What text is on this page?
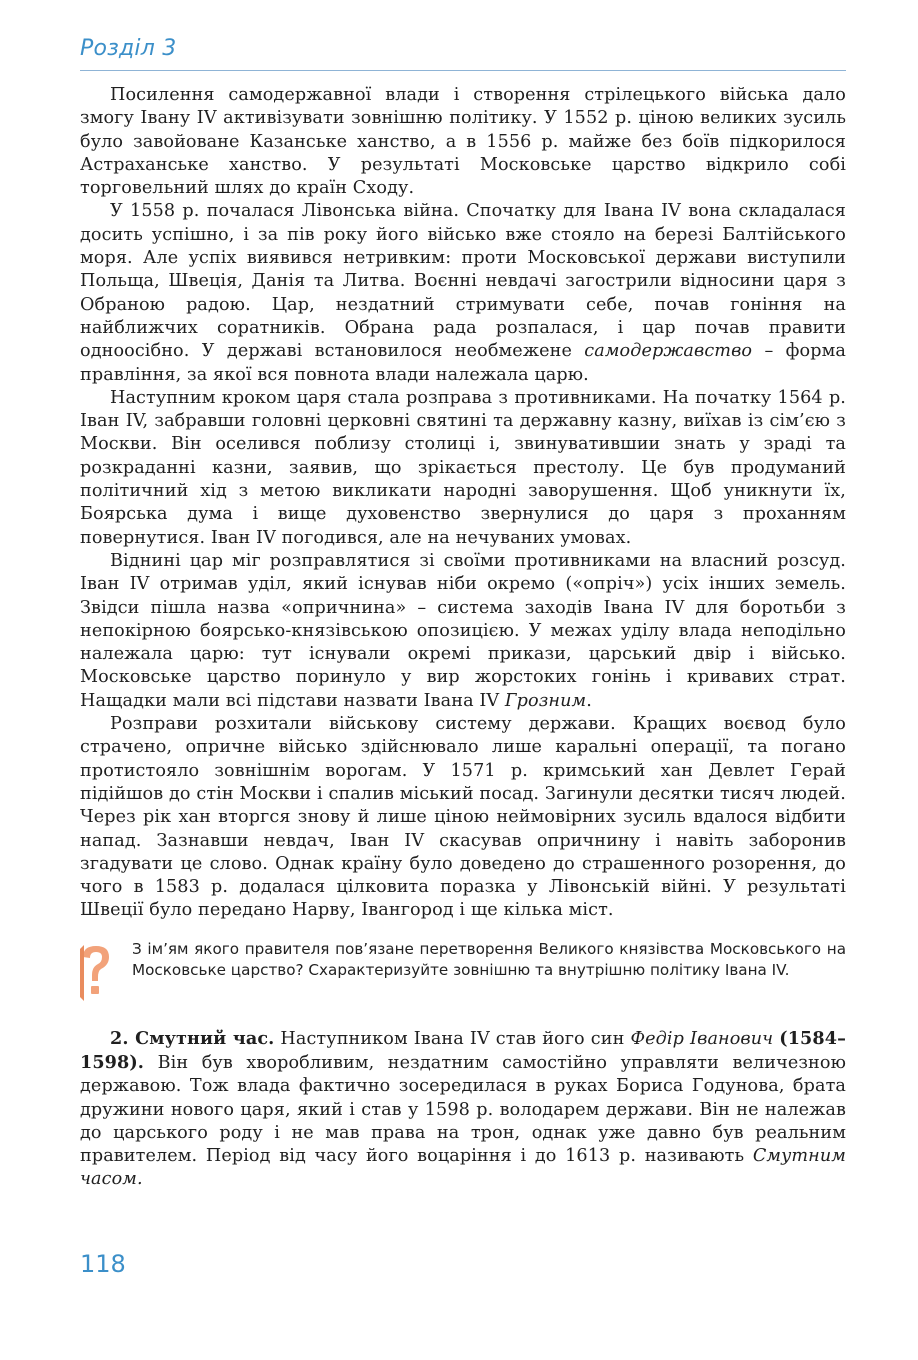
Розділ 3

Посилення самодержавної влади і створення стрілецького війська дало змогу Івану IV активізувати зовнішню політику. У 1552 р. ціною великих зусиль було завойоване Казанське ханство, а в 1556 р. майже без боїв підкорилося Астраханське ханство. У результаті Московське царство відкрило собі торговельний шлях до країн Сходу.

У 1558 р. почалася Лівонська війна. Спочатку для Івана IV вона складалася досить успішно, і за пів року його військо вже стояло на березі Балтійського моря. Але успіх виявився нетривким: проти Московської держави виступили Польща, Швеція, Данія та Литва. Воєнні невдачі загострили відносини царя з Обраною радою. Цар, нездатний стримувати себе, почав гоніння на найближчих соратників. Обрана рада розпалася, і цар почав правити одноосібно. У державі встановилося необмежене самодержавство – форма правління, за якої вся повнота влади належала царю.

Наступним кроком царя стала розправа з противниками. На початку 1564 р. Іван IV, забравши головні церковні святині та державну казну, виїхав із сім’єю з Москви. Він оселився поблизу столиці і, звинуватившии знать у зраді та розкраданні казни, заявив, що зрікається престолу. Це був продуманий політичний хід з метою викликати народні заворушення. Щоб уникнути їх, Боярська дума і вище духовенство звернулися до царя з проханням повернутися. Іван IV погодився, але на нечуваних умовах.

Віднині цар міг розправлятися зі своїми противниками на власний розсуд. Іван IV отримав уділ, який існував ніби окремо («опріч») усіх інших земель. Звідси пішла назва «опричнина» – система заходів Івана IV для боротьби з непокірною боярсько-князівською опозицією. У межах уділу влада неподільно належала царю: тут існували окремі прикази, царський двір і військо. Московське царство поринуло у вир жорстоких гонінь і кривавих страт. Нащадки мали всі підстави назвати Івана IV Грозним.

Розправи розхитали військову систему держави. Кращих воєвод було страчено, опричне військо здійснювало лише каральні операції, та погано протистояло зовнішнім ворогам. У 1571 р. кримський хан Девлет Герай підійшов до стін Москви і спалив міський посад. Загинули десятки тисяч людей. Через рік хан вторгся знову й лише ціною неймовірних зусиль вдалося відбити напад. Зазнавши невдач, Іван IV скасував опричнину і навіть заборонив згадувати це слово. Однак країну було доведено до страшенного розорення, до чого в 1583 р. додалася цілковита поразка у Лівонській війні. У результаті Швеції було передано Нарву, Івангород і ще кілька міст.

З ім’ям якого правителя пов’язане перетворення Великого князівства Московського на Московське царство? Схарактеризуйте зовнішню та внутрішню політику Івана IV.

2. Смутний час. Наступником Івана IV став його син Федір Іванович (1584–1598). Він був хворобливим, нездатним самостійно управляти величезною державою. Тож влада фактично зосередилася в руках Бориса Годунова, брата дружини нового царя, який і став у 1598 р. володарем держави. Він не належав до царського роду і не мав права на трон, однак уже давно був реальним правителем. Період від часу його воцаріння і до 1613 р. називають Смутним часом.

118
